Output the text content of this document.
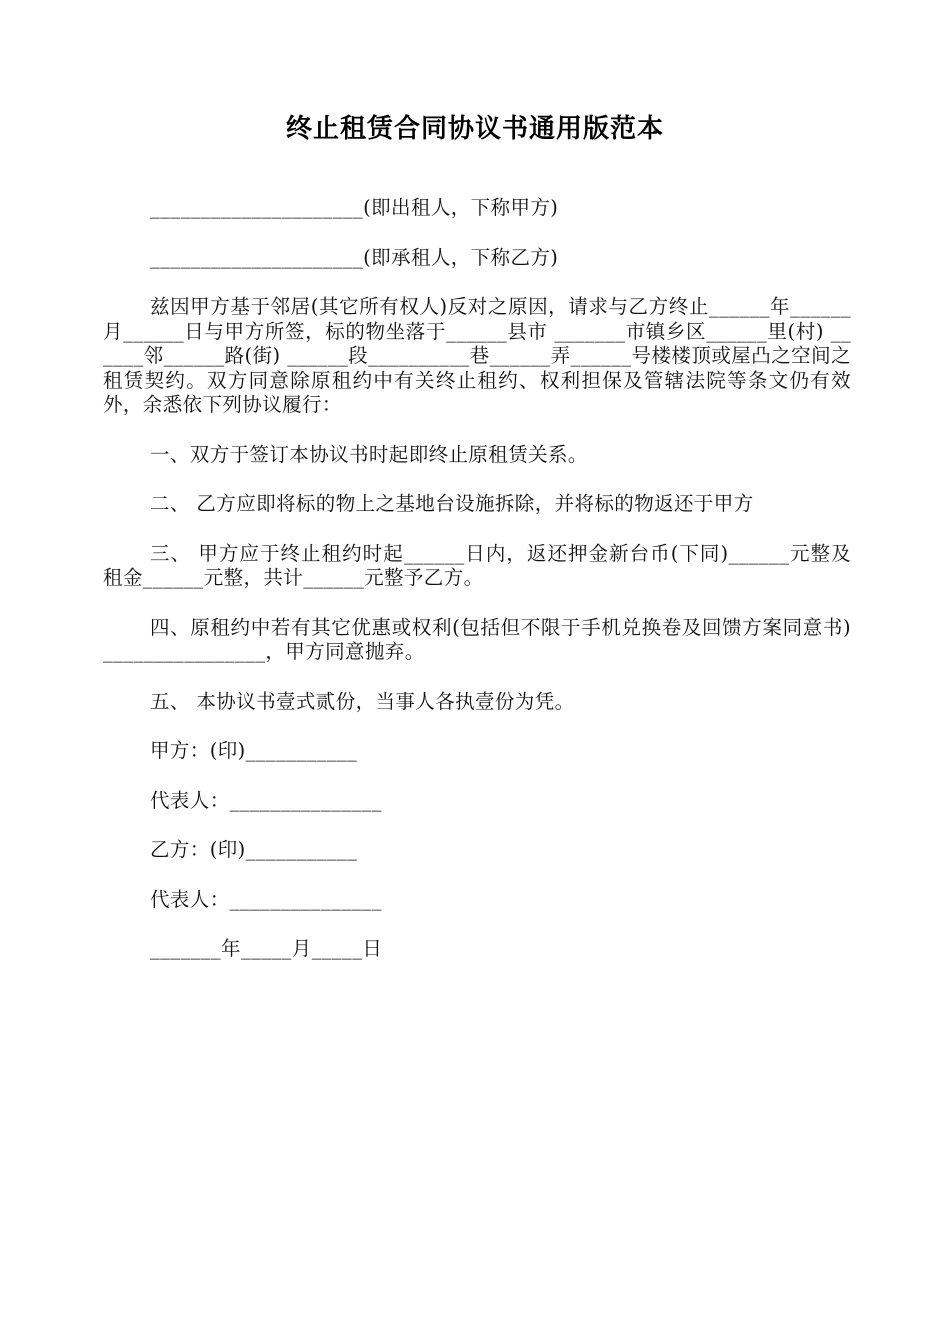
终止租赁合同协议书通用版范本

_____________________(即出租人，下称甲方)

_____________________(即承租人，下称乙方)

兹因甲方基于邻居(其它所有权人)反对之原因，请求与乙方终止______年______月______日与甲方所签，标的物坐落于______县市 _______市镇乡区______里(村) ______邻______路(街) ______段__________巷______弄______号楼楼顶或屋凸之空间之租赁契约。双方同意除原租约中有关终止租约、权利担保及管辖法院等条文仍有效外，余悉依下列协议履行：

一、双方于签订本协议书时起即终止原租赁关系。

二、 乙方应即将标的物上之基地台设施拆除，并将标的物返还于甲方

三、 甲方应于终止租约时起______日内，返还押金新台币(下同)______元整及租金______元整，共计______元整予乙方。

四、原租约中若有其它优惠或权利(包括但不限于手机兑换卷及回馈方案同意书)________________，甲方同意抛弃。

五、 本协议书壹式贰份，当事人各执壹份为凭。

甲方：(印)___________

代表人：_______________

乙方：(印)___________

代表人：_______________

_______年_____月_____日
